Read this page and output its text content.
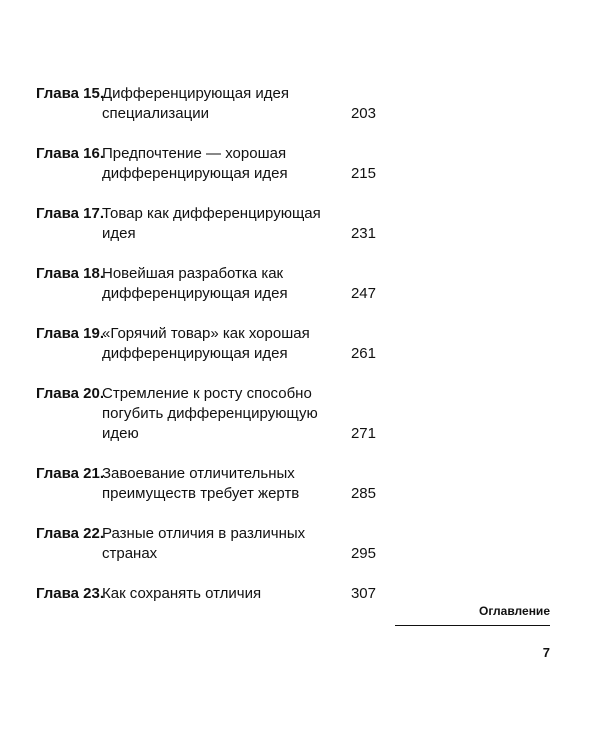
Глава 15.
Дифференцирующая идея
специализации	203
Глава 16.
Предпочтение — хорошая
дифференцирующая идея	215
Глава 17.
Товар как дифференцирующая
идея	231
Глава 18.
Новейшая разработка как
дифференцирующая идея	247
Глава 19.
«Горячий товар» как хорошая
дифференцирующая идея	261
Глава 20.
Стремление к росту способно
погубить дифференцирующую
идею	271
Глава 21.
Завоевание отличительных
преимуществ требует жертв	285
Глава 22.
Разные отличия в различных
странах	295
Глава 23.
Как сохранять отличия	307
Оглавление
7
